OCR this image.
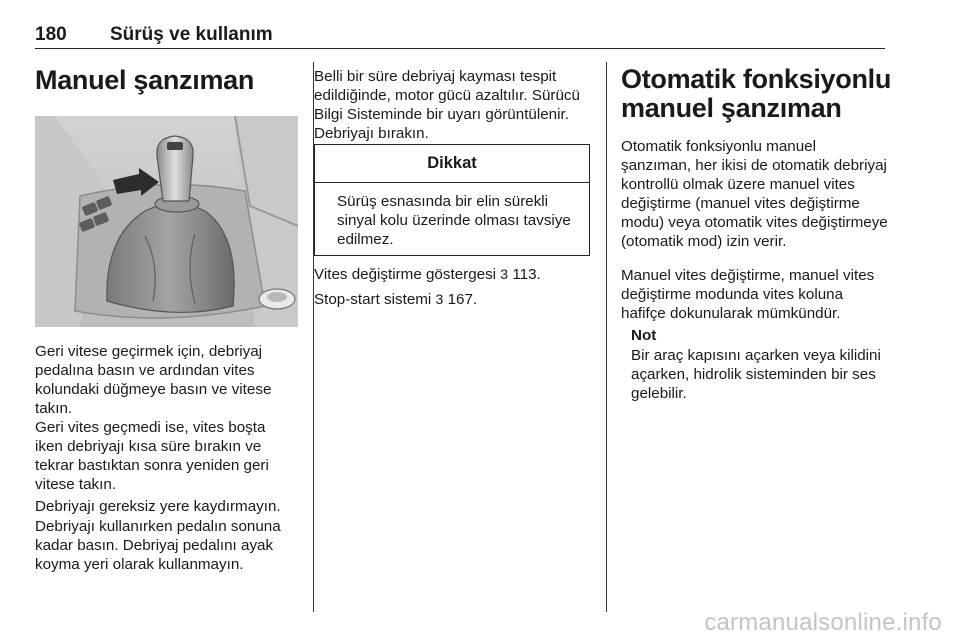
180 Sürüş ve kullanım
Manuel şanzıman

Geri vitese geçirmek için, debriyaj pedalına basın ve ardından vites kolundaki düğmeye basın ve vitese takın.

Geri vites geçmedi ise, vites boşta iken debriyajı kısa süre bırakın ve tekrar bastıktan sonra yeniden geri vitese takın.

Debriyajı gereksiz yere kaydırmayın.

Debriyajı kullanırken pedalın sonuna kadar basın. Debriyaj pedalını ayak koyma yeri olarak kullanmayın.

Belli bir süre debriyaj kayması tespit edildiğinde, motor gücü azaltılır. Sürücü Bilgi Sisteminde bir uyarı görüntülenir. Debriyajı bırakın.

Dikkat
Sürüş esnasında bir elin sürekli sinyal kolu üzerinde olması tavsiye edilmez.

Vites değiştirme göstergesi 3 113.

Stop-start sistemi 3 167.

Otomatik fonksiyonlu
manuel şanzıman

Otomatik fonksiyonlu manuel şanzıman, her ikisi de otomatik debriyaj kontrollü olmak üzere manuel vites değiştirme (manuel vites değiştirme modu) veya otomatik vites değiştirmeye (otomatik mod) izin verir.

Manuel vites değiştirme, manuel vites değiştirme modunda vites koluna hafifçe dokunularak mümkündür.

Not

Bir araç kapısını açarken veya kilidini açarken, hidrolik sisteminden bir ses gelebilir.

carmanualsonline.info
